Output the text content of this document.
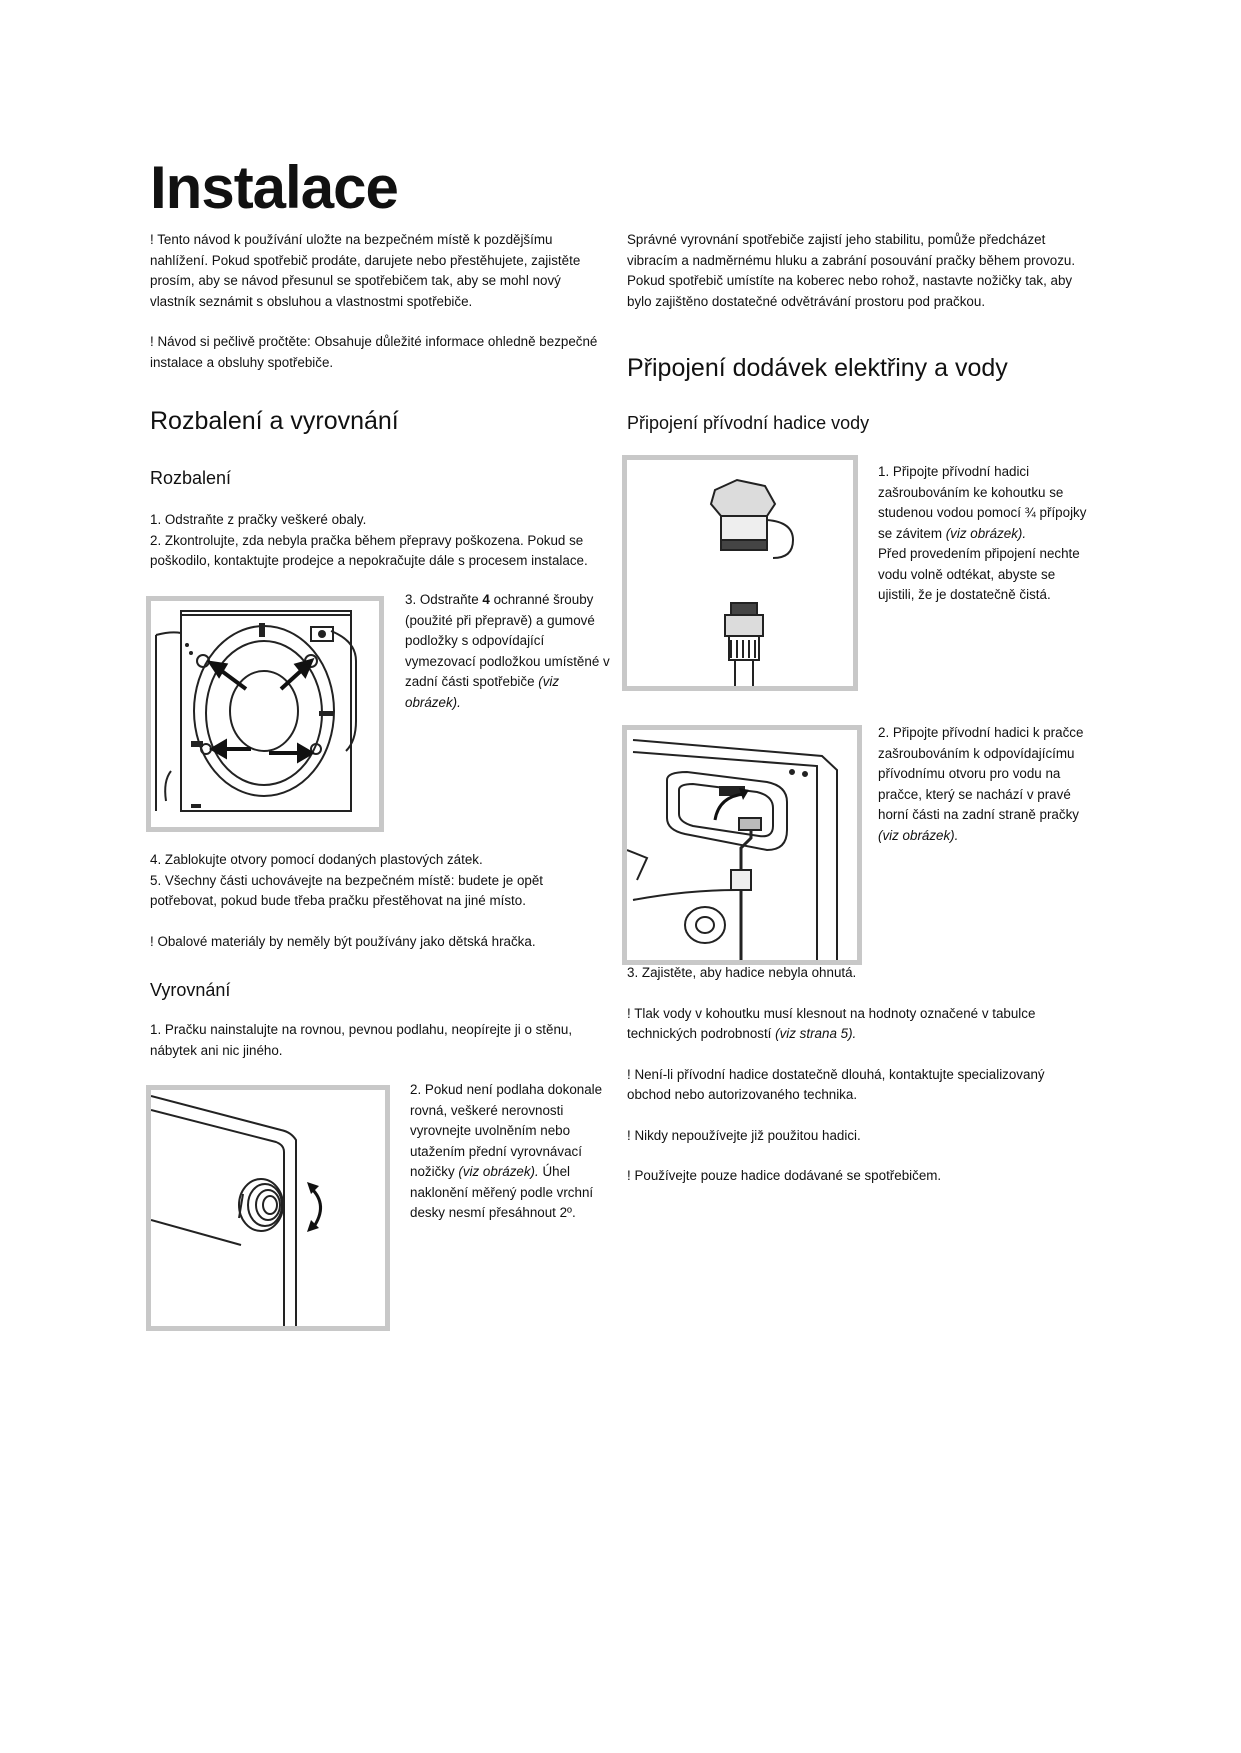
Instalace

! Tento návod k používání uložte na bezpečném místě k pozdějšímu nahlížení. Pokud spotřebič prodáte, darujete nebo přestěhujete, zajistěte prosím, aby se návod přesunul se spotřebičem tak, aby se mohl nový vlastník seznámit s obsluhou a vlastnostmi spotřebiče.

! Návod si pečlivě pročtěte: Obsahuje důležité informace ohledně bezpečné instalace a obsluhy spotřebiče.

Rozbalení a vyrovnání
Rozbalení

1. Odstraňte z pračky veškeré obaly.

2. Zkontrolujte, zda nebyla pračka během přepravy poškozena. Pokud se poškodilo, kontaktujte prodejce a nepokračujte dále s procesem instalace.

3. Odstraňte 4 ochranné šrouby (použité při přepravě) a gumové podložky s odpovídající vymezovací podložkou umístěné v zadní části spotřebiče (viz obrázek).

4. Zablokujte otvory pomocí dodaných plastových zátek.

5. Všechny části uchovávejte na bezpečném místě: budete je opět potřebovat, pokud bude třeba pračku přestěhovat na jiné místo.

! Obalové materiály by neměly být používány jako dětská hračka.

Vyrovnání

1. Pračku nainstalujte na rovnou, pevnou podlahu, neopírejte ji o stěnu, nábytek ani nic jiného.

2. Pokud není podlaha dokonale rovná, veškeré nerovnosti vyrovnejte uvolněním nebo utažením přední vyrovnávací nožičky (viz obrázek). Úhel naklonění měřený podle vrchní desky nesmí přesáhnout 2º.

Správné vyrovnání spotřebiče zajistí jeho stabilitu, pomůže předcházet vibracím a nadměrnému hluku a zabrání posouvání pračky během provozu. Pokud spotřebič umístíte na koberec nebo rohož, nastavte nožičky tak, aby bylo zajištěno dostatečné odvětrávání prostoru pod pračkou.

Připojení dodávek elektřiny a vody
Připojení přívodní hadice vody
1. Připojte přívodní hadici zašroubováním ke kohoutku se studenou vodou pomocí ¾ přípojky se závitem (viz obrázek).
Před provedením připojení nechte vodu volně odtékat, abyste se ujistili, že je dostatečně čistá.
2. Připojte přívodní hadici k pračce zašroubováním k odpovídajícímu přívodnímu otvoru pro vodu na pračce, který se nachází v pravé horní části na zadní straně pračky (viz obrázek).

3. Zajistěte, aby hadice nebyla ohnutá.

! Tlak vody v kohoutku musí klesnout na hodnoty označené v tabulce technických podrobností (viz strana 5).

! Není-li přívodní hadice dostatečně dlouhá, kontaktujte specializovaný obchod nebo autorizovaného technika.

! Nikdy nepoužívejte již použitou hadici.

! Používejte pouze hadice dodávané se spotřebičem.
